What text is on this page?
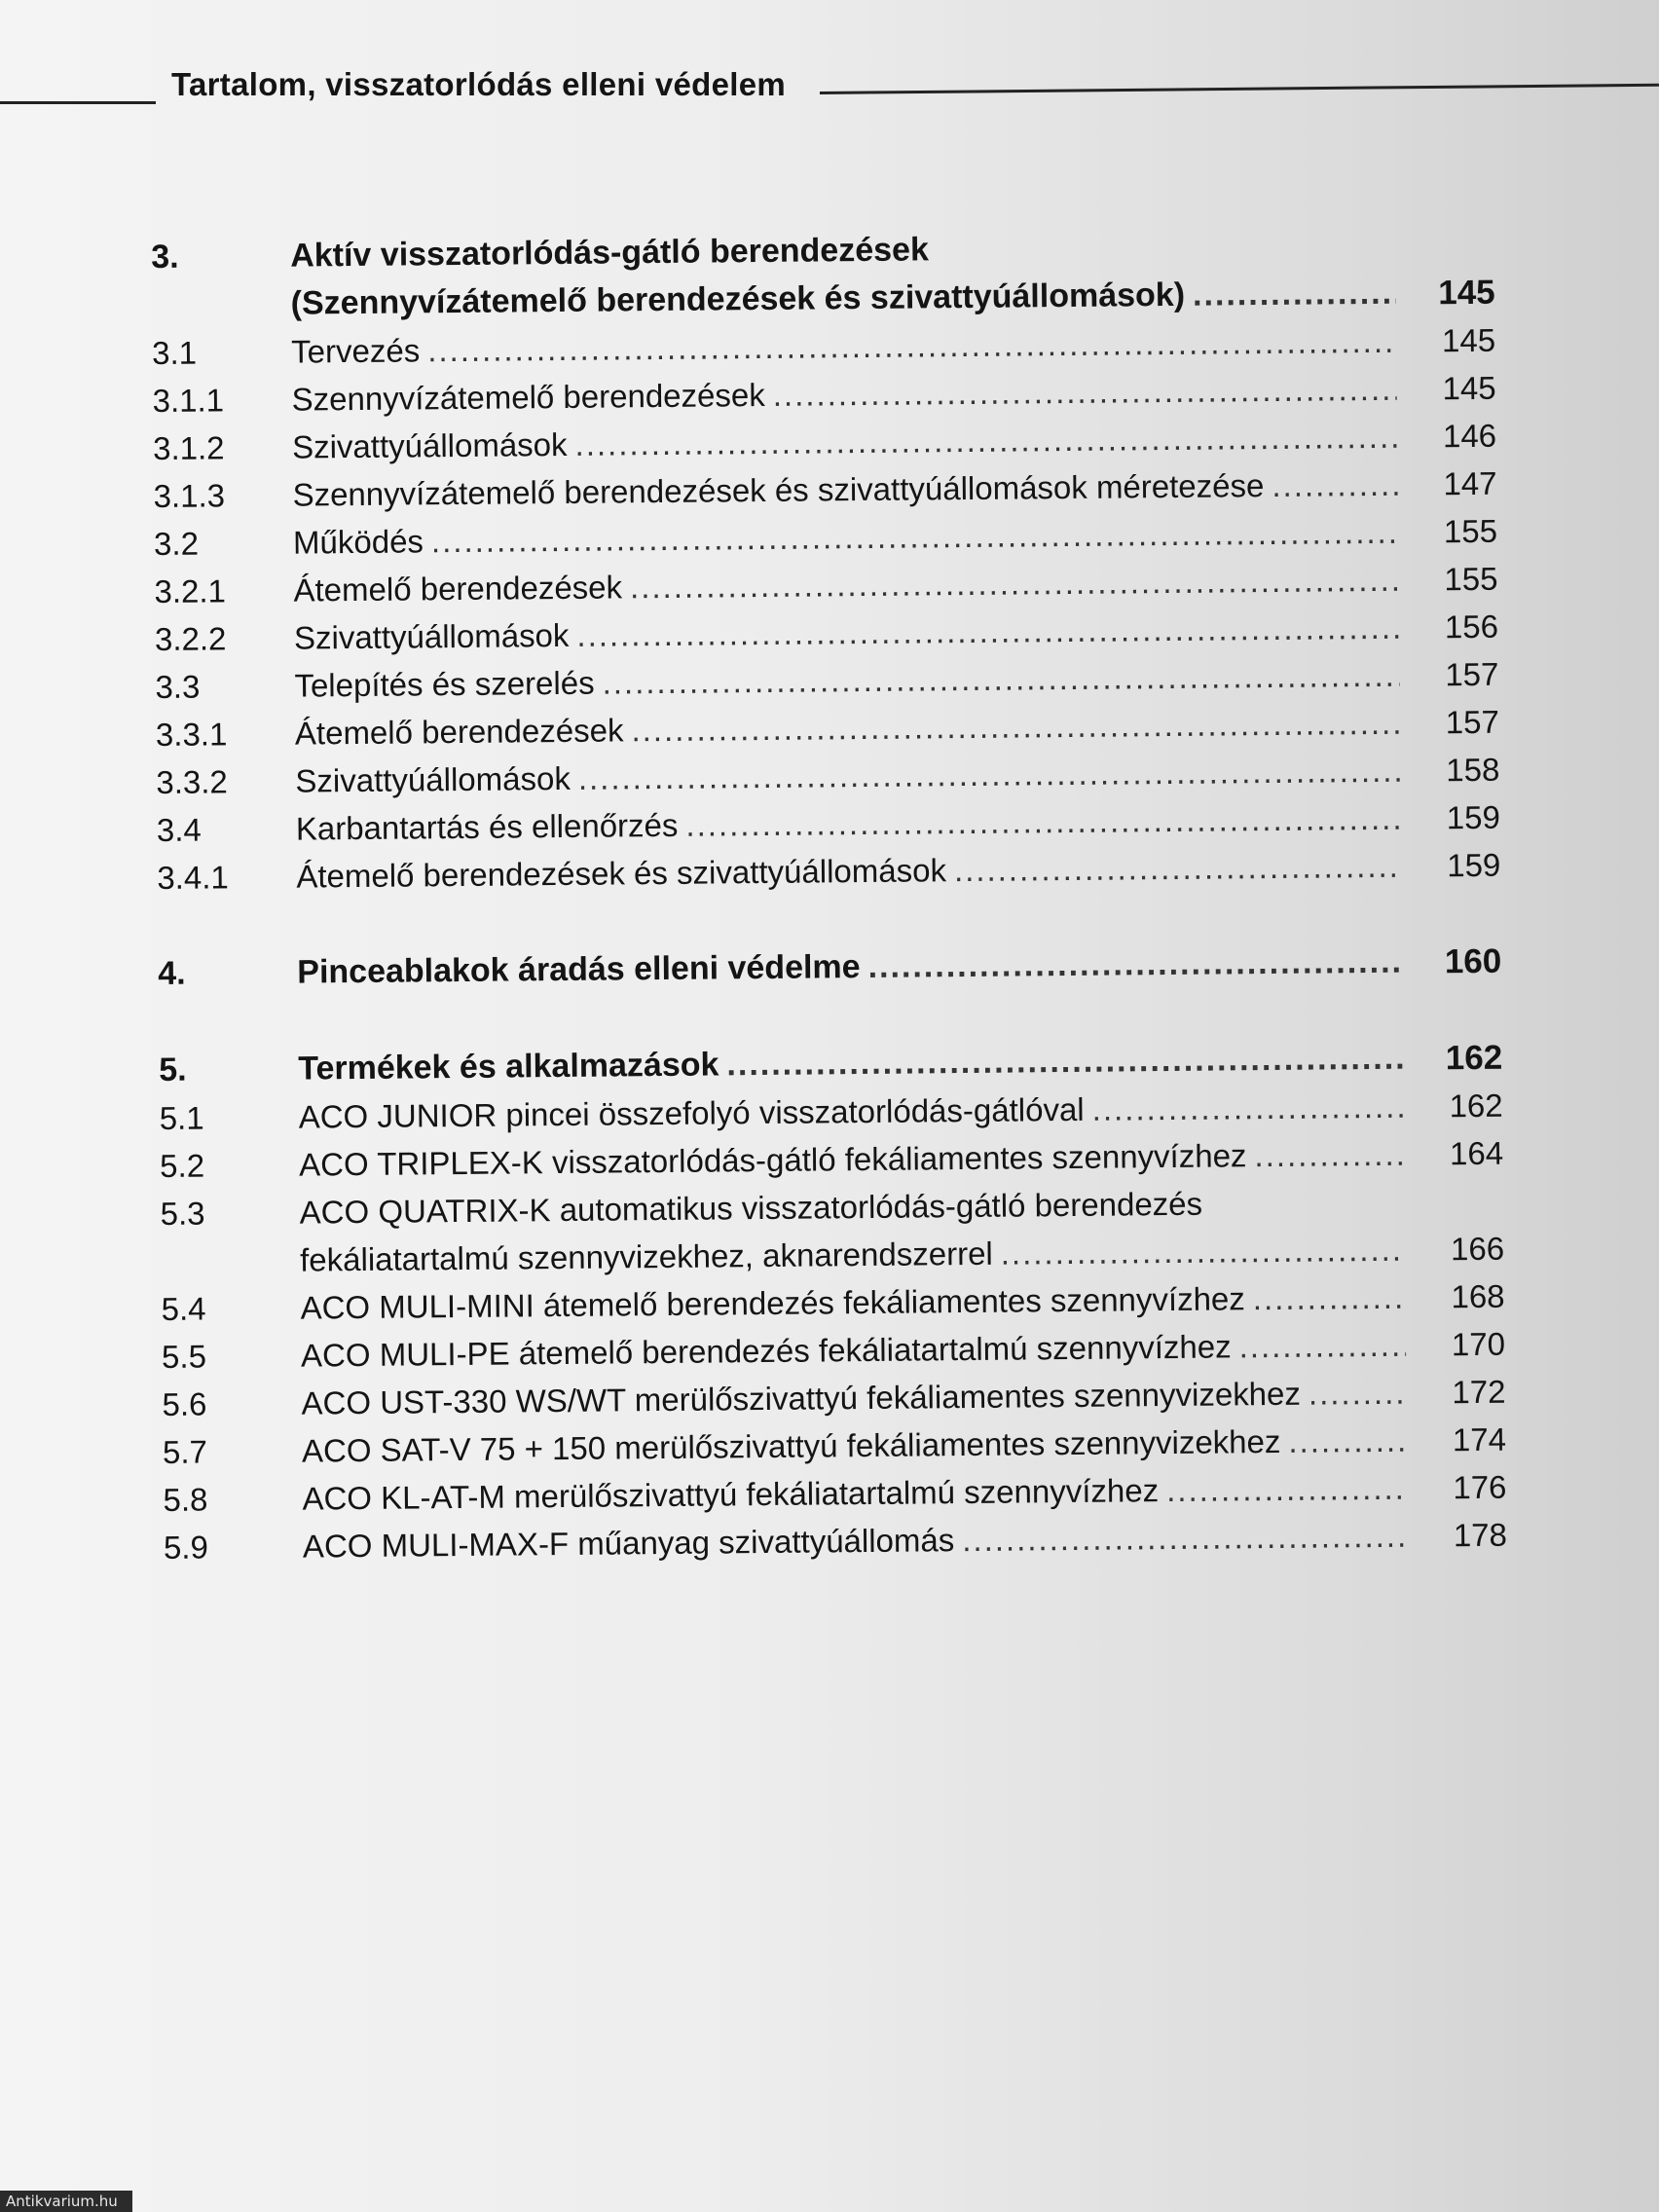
Tartalom, visszatorlódás elleni védelem
3.	Aktív visszatorlódás-gátló berendezések
(Szennyvízátemelő berendezések és szivattyúállomások) .....	145
3.1	Tervezés .....	145
3.1.1	Szennyvízátemelő berendezések .....	145
3.1.2	Szivattyúállomások .....	146
3.1.3	Szennyvízátemelő berendezések és szivattyúállomások méretezése .....	147
3.2	Működés .....	155
3.2.1	Átemelő berendezések .....	155
3.2.2	Szivattyúállomások .....	156
3.3	Telepítés és szerelés .....	157
3.3.1	Átemelő berendezések .....	157
3.3.2	Szivattyúállomások .....	158
3.4	Karbantartás és ellenőrzés .....	159
3.4.1	Átemelő berendezések és szivattyúállomások .....	159
4.	Pinceablakok áradás elleni védelme .....	160
5.	Termékek és alkalmazások .....	162
5.1	ACO JUNIOR pincei összefolyó visszatorlódás-gátlóval .....	162
5.2	ACO TRIPLEX-K visszatorlódás-gátló fekáliamentes szennyvízhez .....	164
5.3	ACO QUATRIX-K automatikus visszatorlódás-gátló berendezés
fekáliatartalmú szennyvizekhez, aknarendszerrel .....	166
5.4	ACO MULI-MINI átemelő berendezés fekáliamentes szennyvízhez .....	168
5.5	ACO MULI-PE átemelő berendezés fekáliatartalmú szennyvízhez .....	170
5.6	ACO UST-330 WS/WT merülőszivattyú fekáliamentes szennyvizekhez .....	172
5.7	ACO SAT-V 75 + 150 merülőszivattyú fekáliamentes szennyvizekhez .....	174
5.8	ACO KL-AT-M merülőszivattyú fekáliatartalmú szennyvízhez .....	176
5.9	ACO MULI-MAX-F műanyag szivattyúállomás .....	178
Antikvarium.hu
